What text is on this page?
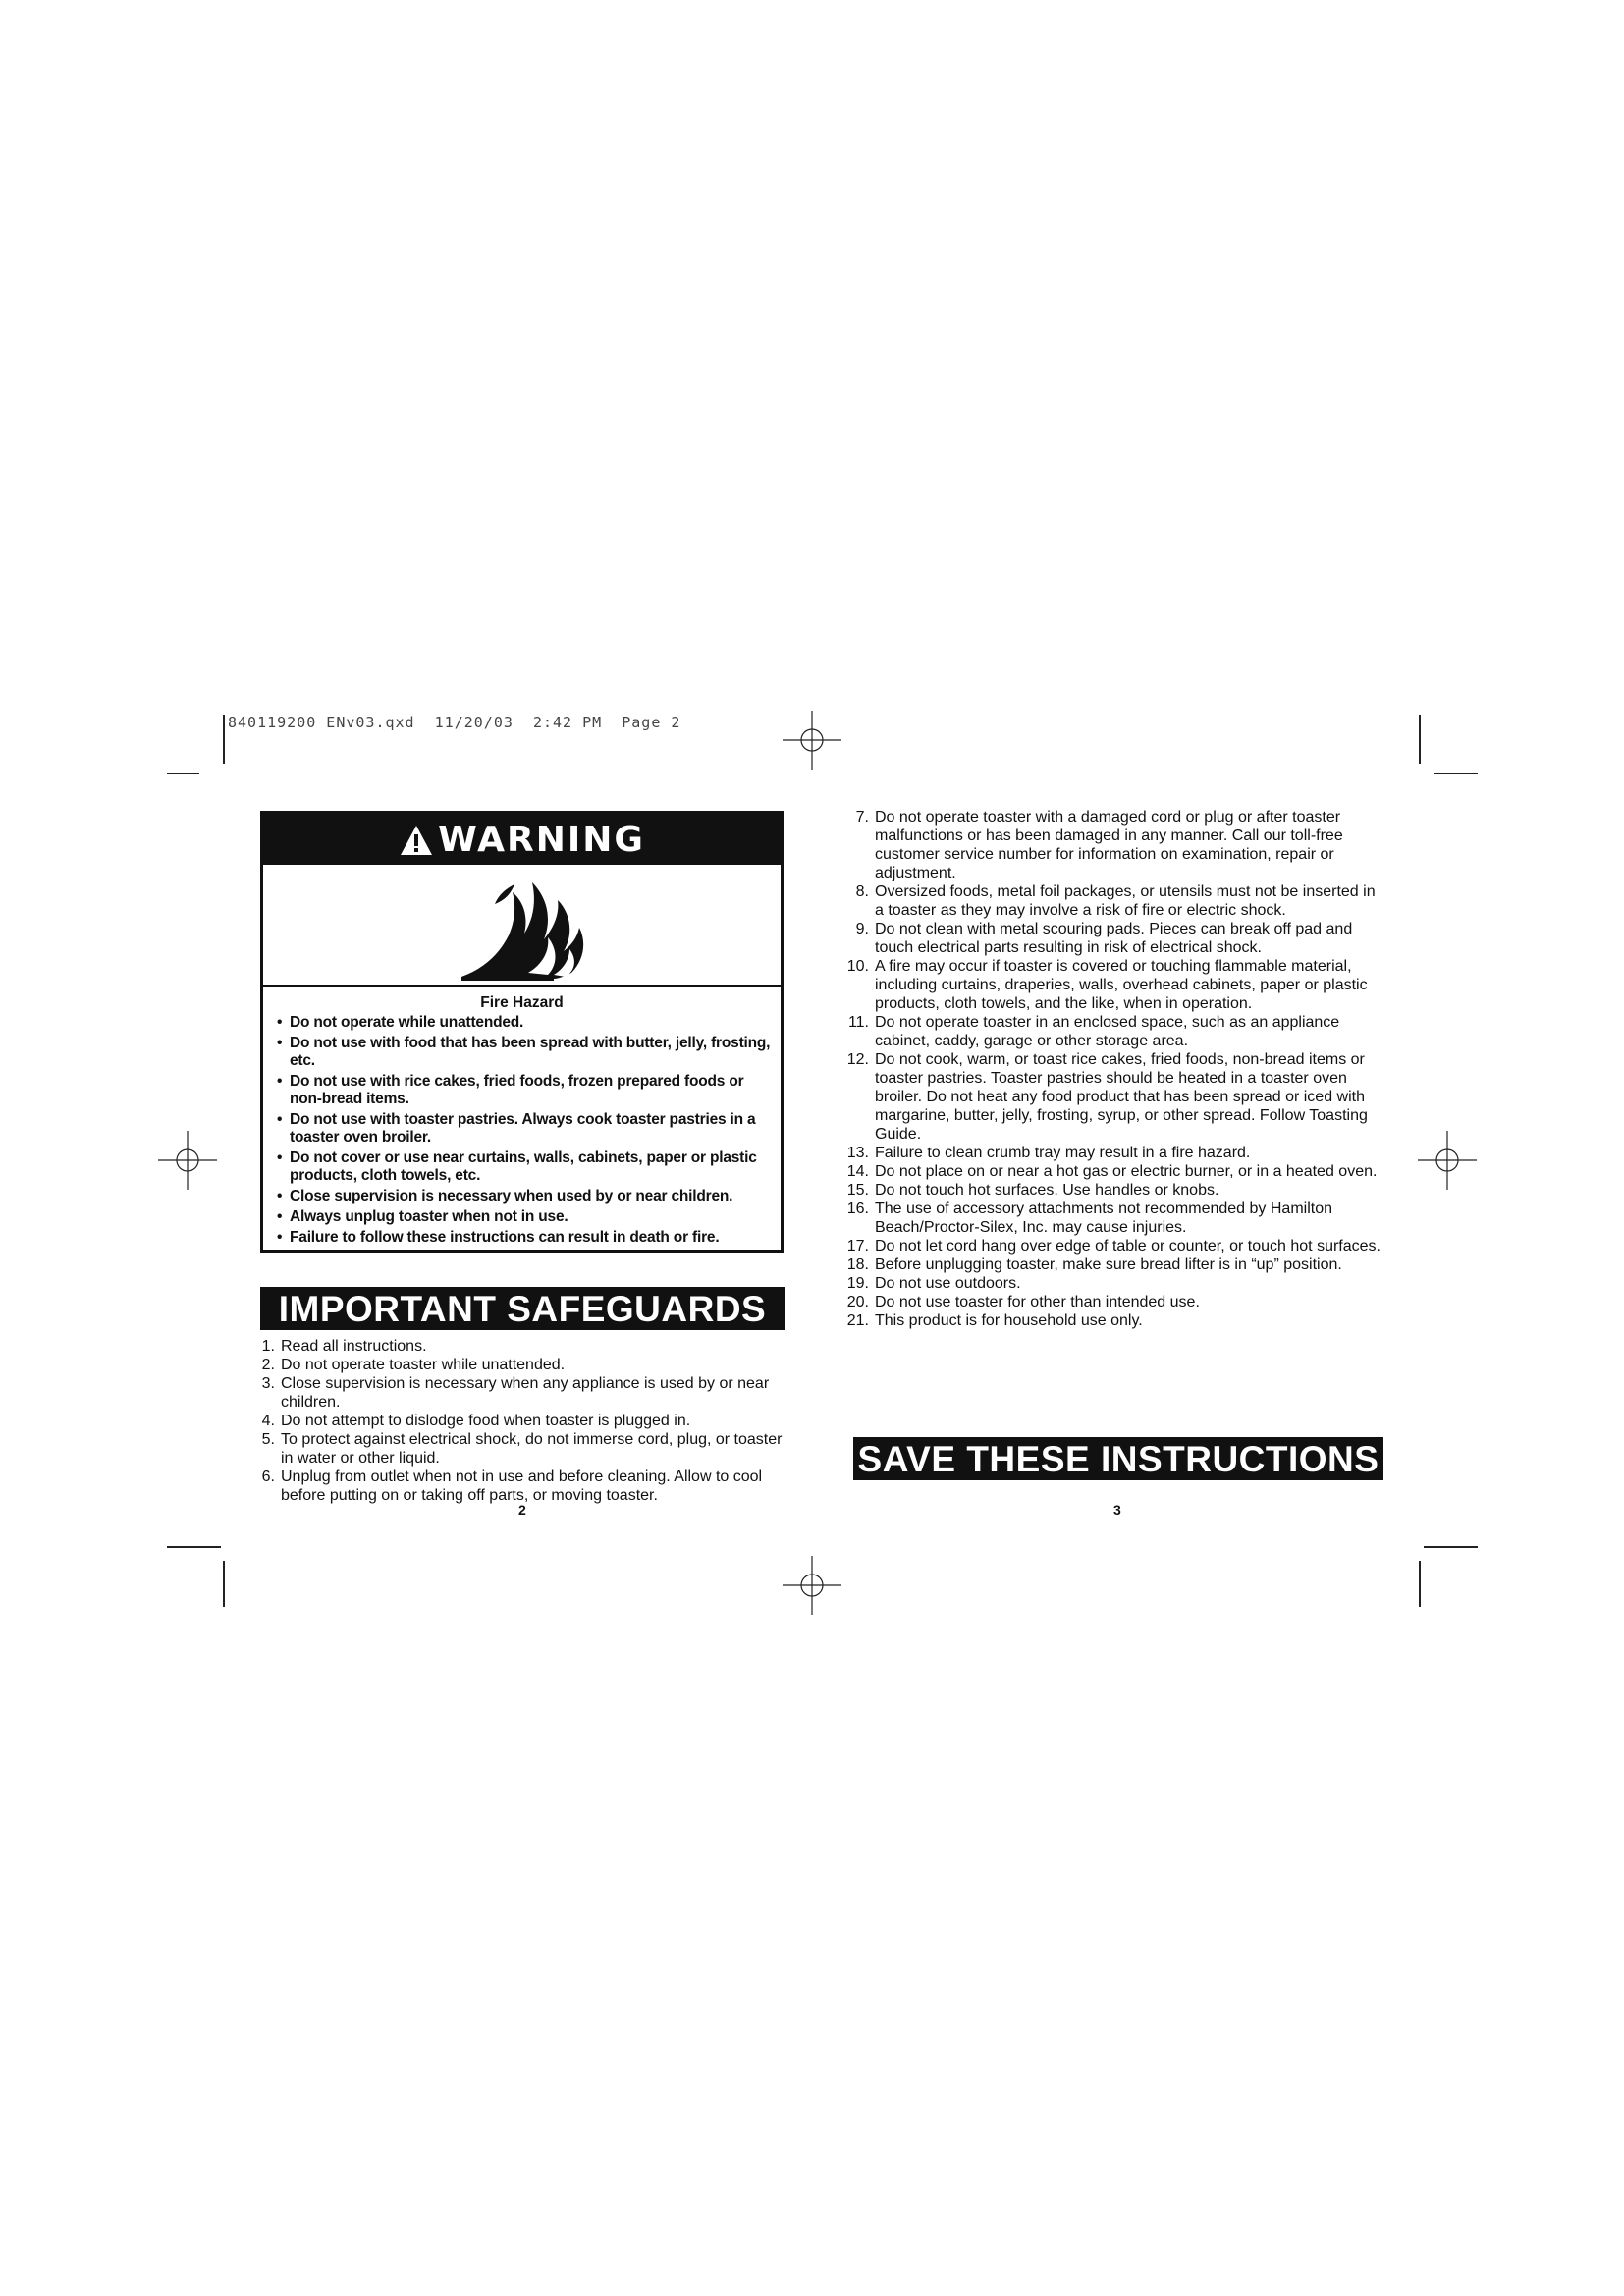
840119200 ENv03.qxd  11/20/03  2:42 PM  Page 2
WARNING
Fire Hazard
• Do not operate while unattended.
• Do not use with food that has been spread with butter, jelly, frosting, etc.
• Do not use with rice cakes, fried foods, frozen prepared foods or non-bread items.
• Do not use with toaster pastries. Always cook toaster pastries in a toaster oven broiler.
• Do not cover or use near curtains, walls, cabinets, paper or plastic products, cloth towels, etc.
• Close supervision is necessary when used by or near children.
• Always unplug toaster when not in use.
• Failure to follow these instructions can result in death or fire.
IMPORTANT SAFEGUARDS
1. Read all instructions.
2. Do not operate toaster while unattended.
3. Close supervision is necessary when any appliance is used by or near children.
4. Do not attempt to dislodge food when toaster is plugged in.
5. To protect against electrical shock, do not immerse cord, plug, or toaster in water or other liquid.
6. Unplug from outlet when not in use and before cleaning. Allow to cool before putting on or taking off parts, or moving toaster.
2
7. Do not operate toaster with a damaged cord or plug or after toaster malfunctions or has been damaged in any manner. Call our toll-free customer service number for information on examination, repair or adjustment.
8. Oversized foods, metal foil packages, or utensils must not be inserted in a toaster as they may involve a risk of fire or electric shock.
9. Do not clean with metal scouring pads. Pieces can break off pad and touch electrical parts resulting in risk of electrical shock.
10. A fire may occur if toaster is covered or touching flammable material, including curtains, draperies, walls, overhead cabinets, paper or plastic products, cloth towels, and the like, when in operation.
11. Do not operate toaster in an enclosed space, such as an appliance cabinet, caddy, garage or other storage area.
12. Do not cook, warm, or toast rice cakes, fried foods, non-bread items or toaster pastries. Toaster pastries should be heated in a toaster oven broiler. Do not heat any food product that has been spread or iced with margarine, butter, jelly, frosting, syrup, or other spread. Follow Toasting Guide.
13. Failure to clean crumb tray may result in a fire hazard.
14. Do not place on or near a hot gas or electric burner, or in a heated oven.
15. Do not touch hot surfaces. Use handles or knobs.
16. The use of accessory attachments not recommended by Hamilton Beach/Proctor-Silex, Inc. may cause injuries.
17. Do not let cord hang over edge of table or counter, or touch hot surfaces.
18. Before unplugging toaster, make sure bread lifter is in “up” position.
19. Do not use outdoors.
20. Do not use toaster for other than intended use.
21. This product is for household use only.
SAVE THESE INSTRUCTIONS
3
